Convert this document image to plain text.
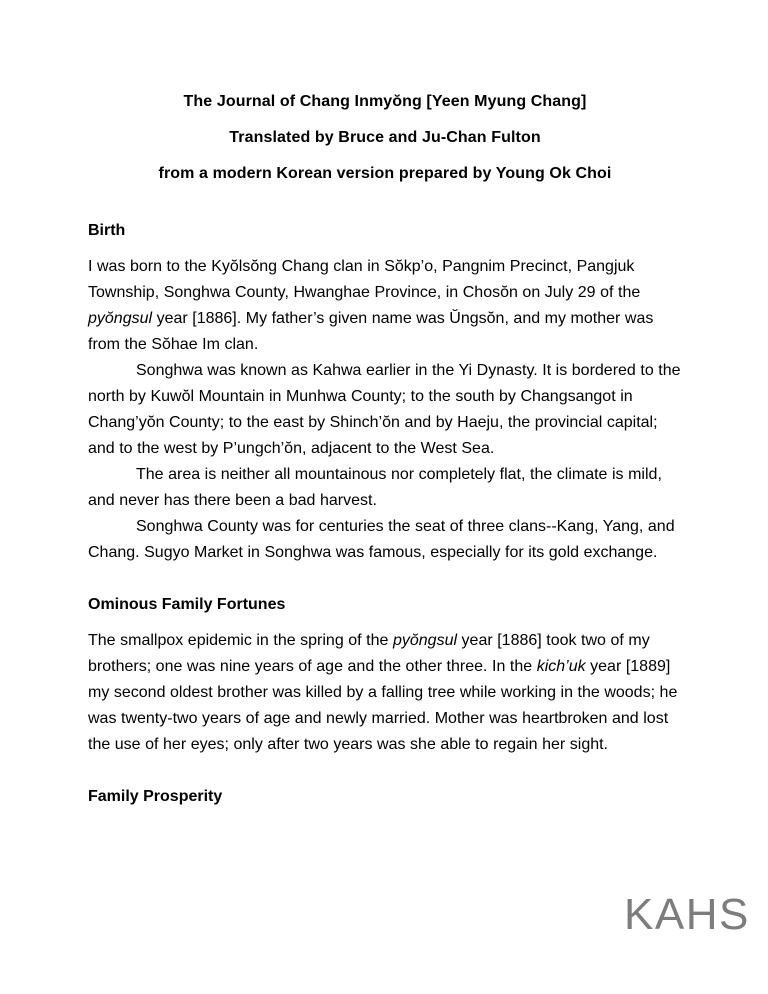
The Journal of Chang Inmyŏng [Yeen Myung Chang]
Translated by Bruce and Ju-Chan Fulton
from a modern Korean version prepared by Young Ok Choi
Birth

I was born to the Kyŏlsŏng Chang clan in Sŏkp’o, Pangnim Precinct, Pangjuk Township, Songhwa County, Hwanghae Province, in Chosŏn on July 29 of the pyŏngsul year [1886]. My father’s given name was Ŭngsŏn, and my mother was from the Sŏhae Im clan.

Songhwa was known as Kahwa earlier in the Yi Dynasty. It is bordered to the north by Kuwŏl Mountain in Munhwa County; to the south by Changsangot in Chang’yŏn County; to the east by Shinch’ŏn and by Haeju, the provincial capital; and to the west by P’ungch’ŏn, adjacent to the West Sea.

The area is neither all mountainous nor completely flat, the climate is mild, and never has there been a bad harvest.

Songhwa County was for centuries the seat of three clans--Kang, Yang, and Chang. Sugyo Market in Songhwa was famous, especially for its gold exchange.

Ominous Family Fortunes

The smallpox epidemic in the spring of the pyŏngsul year [1886] took two of my brothers; one was nine years of age and the other three. In the kich’uk year [1889] my second oldest brother was killed by a falling tree while working in the woods; he was twenty-two years of age and newly married. Mother was heartbroken and lost the use of her eyes; only after two years was she able to regain her sight.

Family Prosperity
KAHS
